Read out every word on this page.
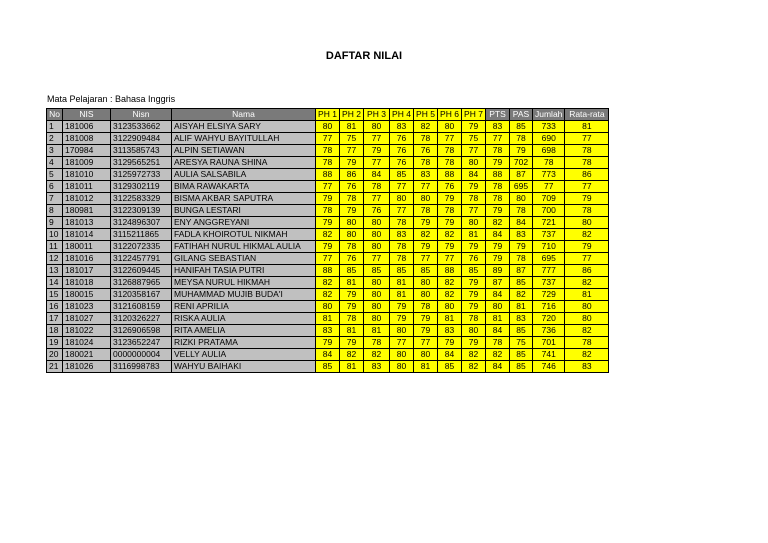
DAFTAR NILAI
Mata Pelajaran : Bahasa Inggris
No	NIS	Nisn	Nama	PH 1	PH 2	PH 3	PH 4	PH 5	PH 6	PH 7	PTS	PAS	Jumlah	Rata-rata
1	181006	3123533662	AISYAH ELSIYA SARY	80	81	80	83	82	80	79	83	85	733	81
2	181008	3122909484	ALIF WAHYU BAYITULLAH	77	75	77	76	78	77	75	77	78	690	77
3	170984	3113585743	ALPIN SETIAWAN	78	77	79	76	76	78	77	78	79	698	78
4	181009	3129565251	ARESYA RAUNA SHINA	78	79	77	76	78	78	80	79	702	78	78
5	181010	3125972733	AULIA SALSABILA	88	86	84	85	83	88	84	88	87	773	86
6	181011	3129302119	BIMA RAWAKARTA	77	76	78	77	77	76	79	78	695	77	77
7	181012	3122583329	BISMA AKBAR SAPUTRA	79	78	77	80	80	79	78	78	80	709	79
8	180981	3122309139	BUNGA LESTARI	78	79	76	77	78	78	77	79	78	700	78
9	181013	3124896307	ENY ANGGREYANI	79	80	80	78	79	79	80	82	84	721	80
10	181014	3115211865	FADLA KHOIROTUL NIKMAH	82	80	80	83	82	82	81	84	83	737	82
11	180011	3122072335	FATIHAH NURUL HIKMAL AULIA	79	78	80	78	79	79	79	79	79	710	79
12	181016	3122457791	GILANG SEBASTIAN	77	76	77	78	77	77	76	79	78	695	77
13	181017	3122609445	HANIFAH TASIA PUTRI	88	85	85	85	85	88	85	89	87	777	86
14	181018	3126887965	MEYSA NURUL HIKMAH	82	81	80	81	80	82	79	87	85	737	82
15	180015	3120358167	MUHAMMAD MUJIB BUDA'I	82	79	80	81	80	82	79	84	82	729	81
16	181023	3121608159	RENI APRILIA	80	79	80	79	78	80	79	80	81	716	80
17	181027	3120326227	RISKA AULIA	81	78	80	79	79	81	78	81	83	720	80
18	181022	3126906598	RITA AMELIA	83	81	81	80	79	83	80	84	85	736	82
19	181024	3123652247	RIZKI PRATAMA	79	79	78	77	77	79	79	78	75	701	78
20	180021	0000000004	VELLY AULIA	84	82	82	80	80	84	82	82	85	741	82
21	181026	3116998783	WAHYU BAIHAKI	85	81	83	80	81	85	82	84	85	746	83
